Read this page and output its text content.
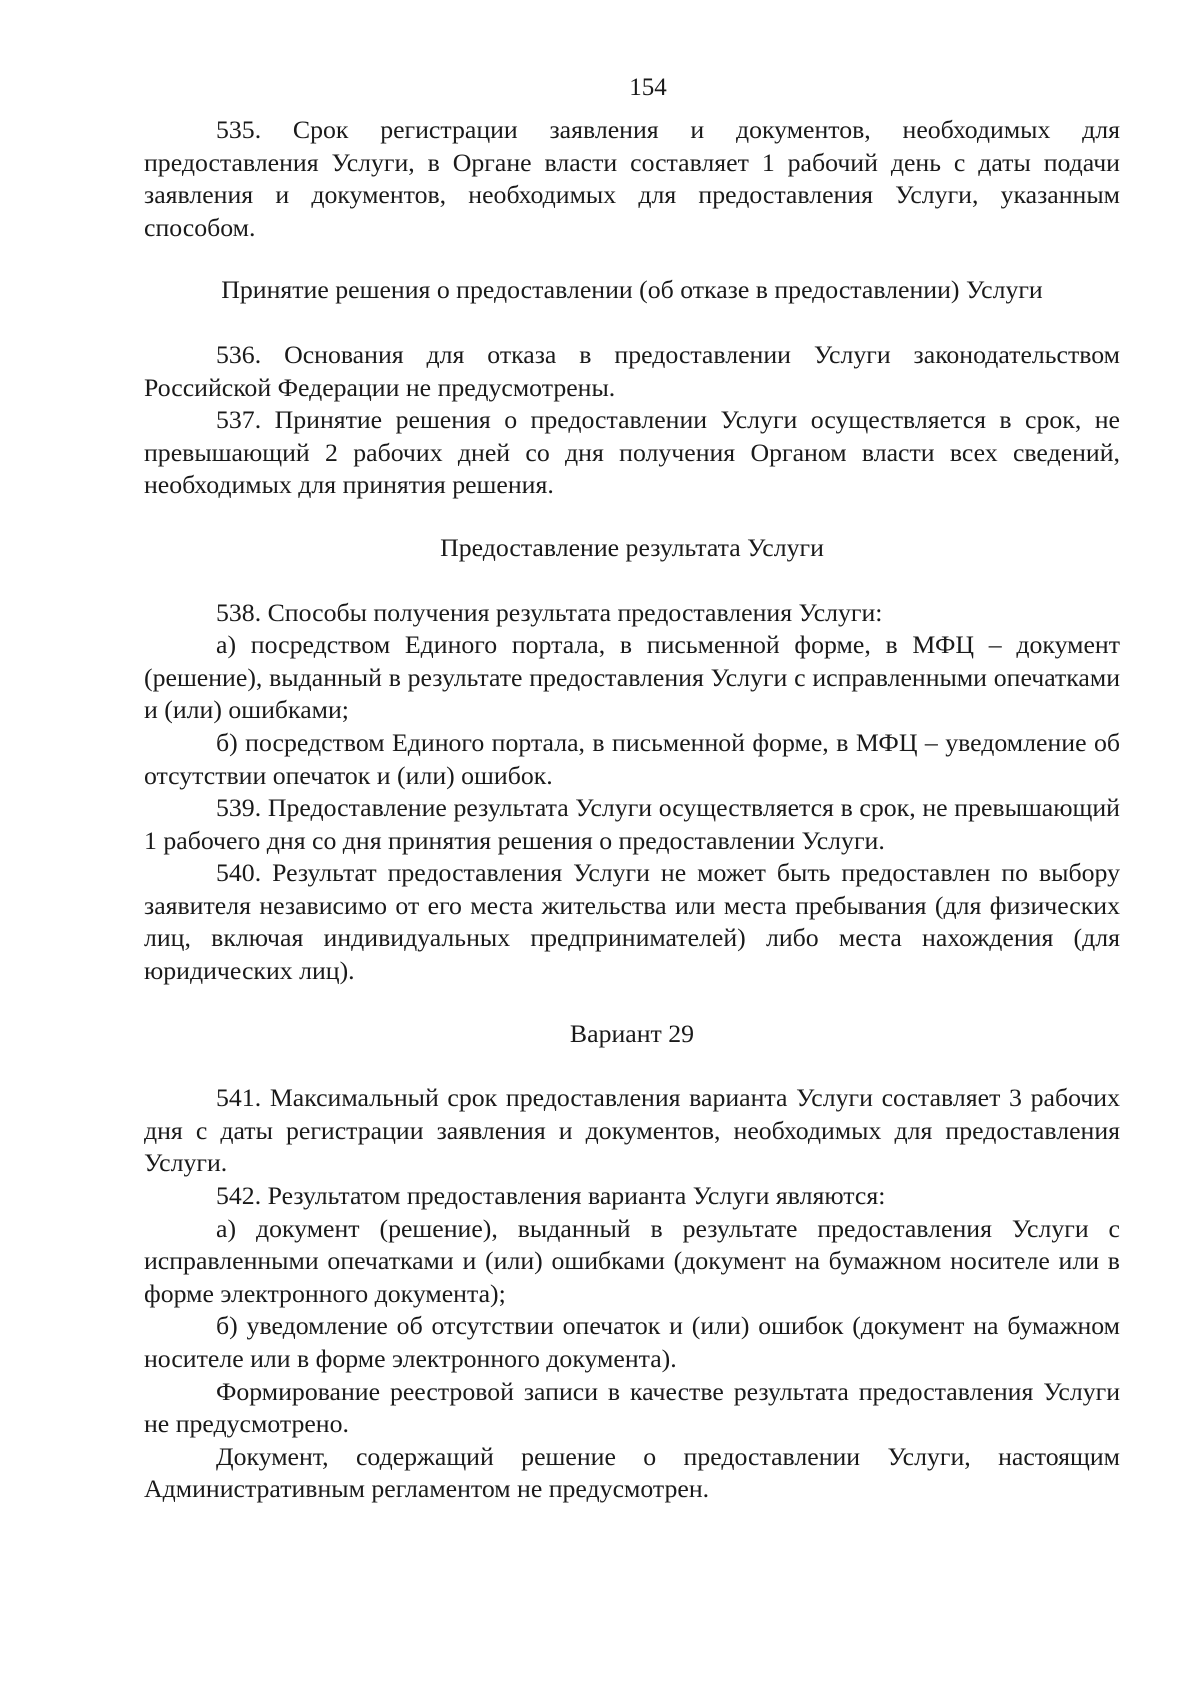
154

535. Срок регистрации заявления и документов, необходимых для предоставления Услуги, в Органе власти составляет 1 рабочий день с даты подачи заявления и документов, необходимых для предоставления Услуги, указанным способом.

Принятие решения о предоставлении (об отказе в предоставлении) Услуги

536. Основания для отказа в предоставлении Услуги законодательством Российской Федерации не предусмотрены.

537. Принятие решения о предоставлении Услуги осуществляется в срок, не превышающий 2 рабочих дней со дня получения Органом власти всех сведений, необходимых для принятия решения.

Предоставление результата Услуги

538. Способы получения результата предоставления Услуги:

а) посредством Единого портала, в письменной форме, в МФЦ – документ (решение), выданный в результате предоставления Услуги с исправленными опечатками и (или) ошибками;

б) посредством Единого портала, в письменной форме, в МФЦ – уведомление об отсутствии опечаток и (или) ошибок.

539. Предоставление результата Услуги осуществляется в срок, не превышающий 1 рабочего дня со дня принятия решения о предоставлении Услуги.

540. Результат предоставления Услуги не может быть предоставлен по выбору заявителя независимо от его места жительства или места пребывания (для физических лиц, включая индивидуальных предпринимателей) либо места нахождения (для юридических лиц).

Вариант 29

541. Максимальный срок предоставления варианта Услуги составляет 3 рабочих дня с даты регистрации заявления и документов, необходимых для предоставления Услуги.

542. Результатом предоставления варианта Услуги являются:

а) документ (решение), выданный в результате предоставления Услуги с исправленными опечатками и (или) ошибками (документ на бумажном носителе или в форме электронного документа);

б) уведомление об отсутствии опечаток и (или) ошибок (документ на бумажном носителе или в форме электронного документа).

Формирование реестровой записи в качестве результата предоставления Услуги не предусмотрено.

Документ, содержащий решение о предоставлении Услуги, настоящим Административным регламентом не предусмотрен.
